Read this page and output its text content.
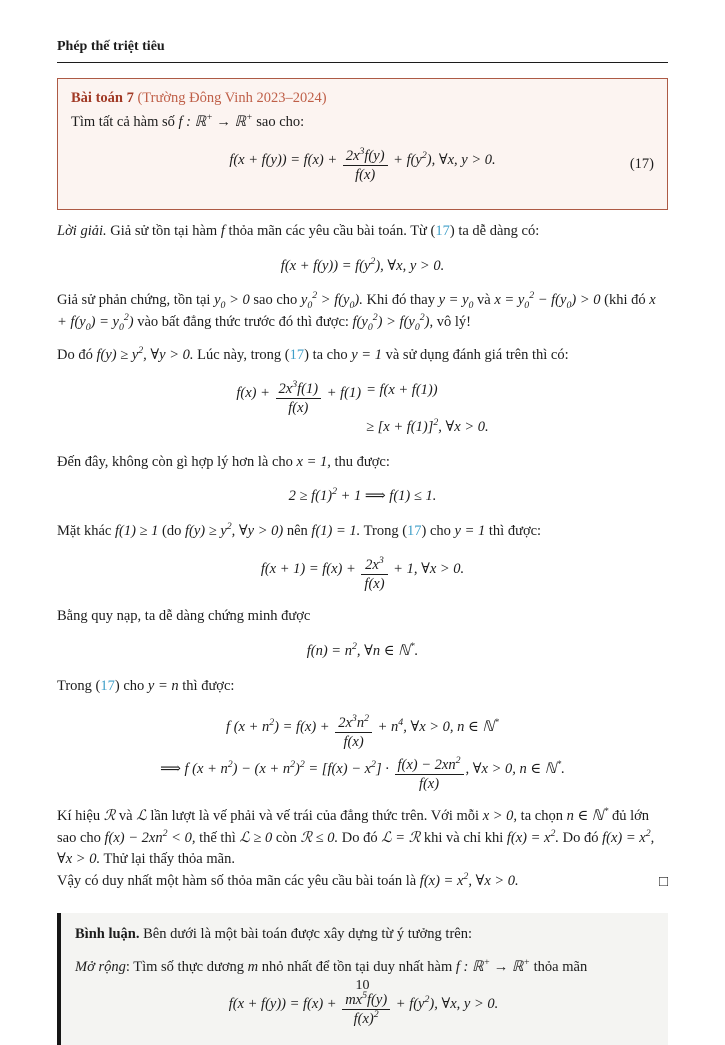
Phép thế triệt tiêu
Bài toán 7 (Trường Đông Vinh 2023–2024)
Tìm tất cả hàm số f : ℝ+ → ℝ+ sao cho:
$f(x + f(y)) = f(x) + \frac{2x^3f(y)}{f(x)} + f(y^2)$, ∀x, y > 0.	(17)
Lời giải. Giả sử tồn tại hàm f thỏa mãn các yêu cầu bài toán. Từ (17) ta dễ dàng có:
$f(x + f(y)) = f(y^2)$, ∀x, y > 0.
Giả sử phản chứng, tồn tại $y_0 > 0$ sao cho $y_0^2 > f(y_0)$. Khi đó thay $y = y_0$ và $x = y_0^2 - f(y_0) > 0$ (khi đó $x + f(y_0) = y_0^2$) vào bất đẳng thức trước đó thì được: $f(y_0^2) > f(y_0^2)$, vô lý!
Do đó $f(y) \ge y^2$, ∀y > 0. Lúc này, trong (17) ta cho y = 1 và sử dụng đánh giá trên thì có:
$f(x) + \frac{2x^3f(1)}{f(x)} + f(1) = f(x + f(1))$
≥ $[x + f(1)]^2$, ∀x > 0.
Đến đây, không còn gì hợp lý hơn là cho x = 1, thu được:
$2 \ge f(1)^2 + 1$ ⟹ f(1) ≤ 1.
Mặt khác f(1) ≥ 1 (do $f(y) \ge y^2$, ∀y > 0) nên f(1) = 1. Trong (17) cho y = 1 thì được:
$f(x + 1) = f(x) + \frac{2x^3}{f(x)} + 1$, ∀x > 0.
Bằng quy nạp, ta dễ dàng chứng minh được
$f(n) = n^2$, ∀n ∈ ℕ*.
Trong (17) cho y = n thì được:
f $(x + n^2) = f(x) + \frac{2x^3n^2}{f(x)} + n^4$, ∀x > 0, n ∈ ℕ* ⟹ f $(x + n^2) - (x + n^2)^2 = [f(x) - x^2] \cdot \frac{f(x) - 2xn^2}{f(x)}$ , ∀x > 0, n ∈ ℕ*.
Kí hiệu ℛ và ℒ lần lượt là vế phải và vế trái của đẳng thức trên. Với mỗi x > 0, ta chọn n ∈ ℕ* đủ lớn sao cho $f(x) - 2xn^2 < 0$, thế thì ℒ ≥ 0 còn ℛ ≤ 0. Do đó ℒ = ℛ khi và chỉ khi $f(x) = x^2$. Do đó $f(x) = x^2$, ∀x > 0. Thử lại thấy thỏa mãn.
□
Vậy có duy nhất một hàm số thỏa mãn các yêu cầu bài toán là $f(x) = x^2$, ∀x > 0.
Bình luận. Bên dưới là một bài toán được xây dựng từ ý tưởng trên:
Mở rộng: Tìm số thực dương m nhỏ nhất để tồn tại duy nhất hàm f : ℝ+ → ℝ+ thỏa mãn
$f(x + f(y)) = f(x) + \frac{mx^5f(y)}{f(x)^2} + f(y^2)$, ∀x, y > 0.
10
